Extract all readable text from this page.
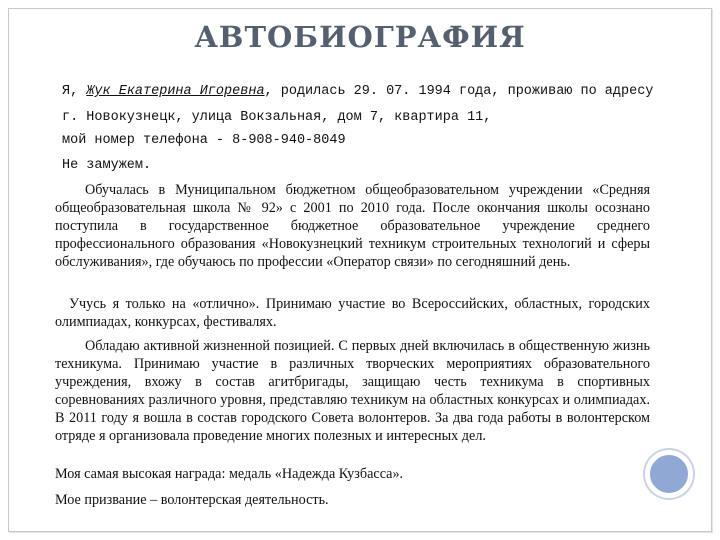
АВТОБИОГРАФИЯ
Я, Жук Екатерина Игоревна, родилась 29. 07. 1994 года, проживаю по адресу
г. Новокузнецк, улица Вокзальная, дом 7, квартира 11,
мой номер телефона - 8-908-940-8049
Не замужем.
Обучалась в Муниципальном бюджетном общеобразовательном учреждении «Средняя общеобразовательная школа № 92» с 2001 по 2010 года. После окончания школы осознано поступила в государственное бюджетное образовательное учреждение среднего профессионального образования «Новокузнецкий техникум строительных технологий и сферы обслуживания», где обучаюсь по профессии «Оператор связи» по сегодняшний день.
Учусь я только на «отлично». Принимаю участие во Всероссийских, областных, городских олимпиадах, конкурсах, фестивалях.
Обладаю активной жизненной позицией. С первых дней включилась в общественную жизнь техникума. Принимаю участие в различных творческих мероприятиях образовательного учреждения, вхожу в состав агитбригады, защищаю честь техникума в спортивных соревнованиях различного уровня, представляю техникум на областных конкурсах и олимпиадах. В 2011 году я вошла в состав городского Совета волонтеров. За два года работы в волонтерском отряде я организовала проведение многих полезных и интересных дел.
Моя самая высокая награда: медаль «Надежда Кузбасса».
Мое призвание – волонтерская деятельность.
